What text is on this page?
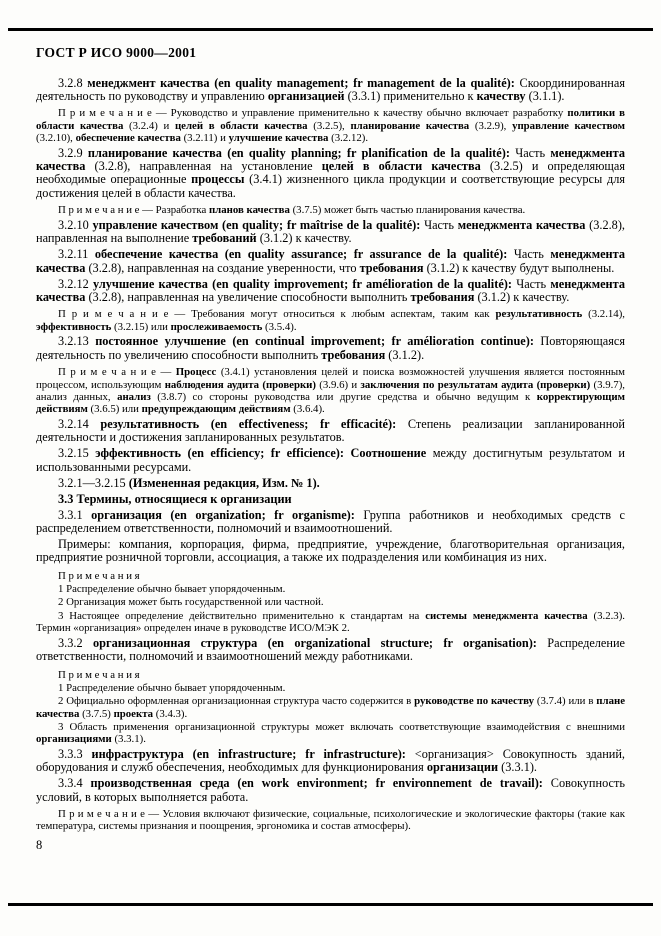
ГОСТ Р ИСО 9000—2001

3.2.8 менеджмент качества (en quality management; fr management de la qualité): Скоординированная деятельность по руководству и управлению организацией (3.3.1) применительно к качеству (3.1.1).

П р и м е ч а н и е — Руководство и управление применительно к качеству обычно включает разработку политики в области качества (3.2.4) и целей в области качества (3.2.5), планирование качества (3.2.9), управление качеством (3.2.10), обеспечение качества (3.2.11) и улучшение качества (3.2.12).

3.2.9 планирование качества (en quality planning; fr planification de la qualité): Часть менеджмента качества (3.2.8), направленная на установление целей в области качества (3.2.5) и определяющая необходимые операционные процессы (3.4.1) жизненного цикла продукции и соответствующие ресурсы для достижения целей в области качества.

П р и м е ч а н и е — Разработка планов качества (3.7.5) может быть частью планирования качества.

3.2.10 управление качеством (en quality; fr maîtrise de la qualité): Часть менеджмента качества (3.2.8), направленная на выполнение требований (3.1.2) к качеству.

3.2.11 обеспечение качества (en quality assurance; fr assurance de la qualité): Часть менеджмента качества (3.2.8), направленная на создание уверенности, что требования (3.1.2) к качеству будут выполнены.

3.2.12 улучшение качества (en quality improvement; fr amélioration de la qualité): Часть менеджмента качества (3.2.8), направленная на увеличение способности выполнить требования (3.1.2) к качеству.

П р и м е ч а н и е — Требования могут относиться к любым аспектам, таким как результативность (3.2.14), эффективность (3.2.15) или прослеживаемость (3.5.4).

3.2.13 постоянное улучшение (en continual improvement; fr amélioration continue): Повторяющаяся деятельность по увеличению способности выполнить требования (3.1.2).

П р и м е ч а н и е — Процесс (3.4.1) установления целей и поиска возможностей улучшения является постоянным процессом, использующим наблюдения аудита (проверки) (3.9.6) и заключения по результатам аудита (проверки) (3.9.7), анализ данных, анализ (3.8.7) со стороны руководства или другие средства и обычно ведущим к корректирующим действиям (3.6.5) или предупреждающим действиям (3.6.4).

3.2.14 результативность (en effectiveness; fr efficacité): Степень реализации запланированной деятельности и достижения запланированных результатов.

3.2.15 эффективность (en efficiency; fr efficience): Соотношение между достигнутым результатом и использованными ресурсами.

3.2.1—3.2.15 (Измененная редакция, Изм. № 1).

3.3 Термины, относящиеся к организации

3.3.1 организация (en organization; fr organisme): Группа работников и необходимых средств с распределением ответственности, полномочий и взаимоотношений.

Примеры: компания, корпорация, фирма, предприятие, учреждение, благотворительная организация, предприятие розничной торговли, ассоциация, а также их подразделения или комбинация из них.

П р и м е ч а н и я

1 Распределение обычно бывает упорядоченным.

2 Организация может быть государственной или частной.

3 Настоящее определение действительно применительно к стандартам на системы менеджмента качества (3.2.3). Термин «организация» определен иначе в руководстве ИСО/МЭК 2.

3.3.2 организационная структура (en organizational structure; fr organisation): Распределение ответственности, полномочий и взаимоотношений между работниками.

П р и м е ч а н и я

1 Распределение обычно бывает упорядоченным.

2 Официально оформленная организационная структура часто содержится в руководстве по качеству (3.7.4) или в плане качества (3.7.5) проекта (3.4.3).

3 Область применения организационной структуры может включать соответствующие взаимодействия с внешними организациями (3.3.1).

3.3.3 инфраструктура (en infrastructure; fr infrastructure): <организация> Совокупность зданий, оборудования и служб обеспечения, необходимых для функционирования организации (3.3.1).

3.3.4 производственная среда (en work environment; fr environnement de travail): Совокупность условий, в которых выполняется работа.

П р и м е ч а н и е — Условия включают физические, социальные, психологические и экологические факторы (такие как температура, системы признания и поощрения, эргономика и состав атмосферы).

8
